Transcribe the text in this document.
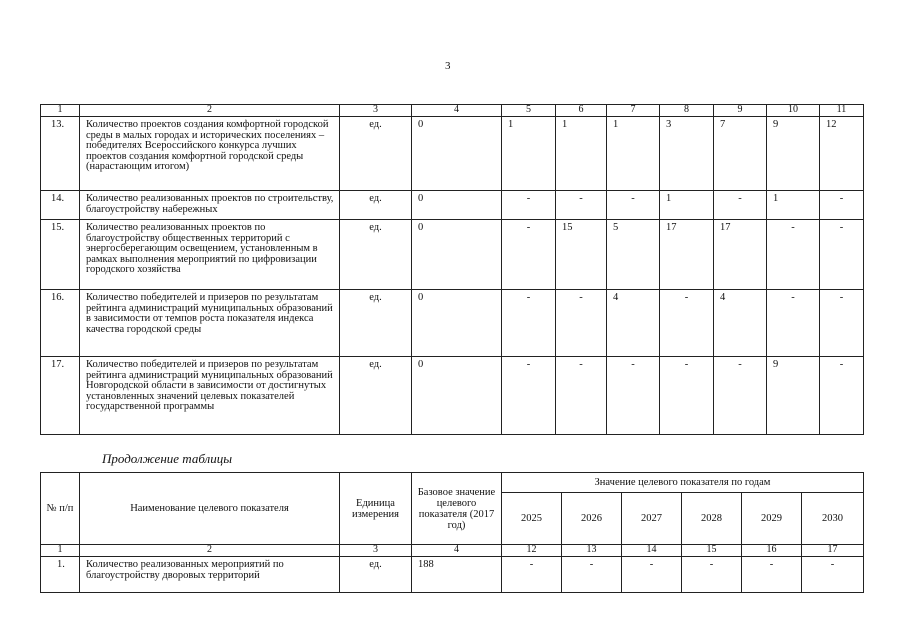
3
1	2	3	4	5	6	7	8	9	10	11
13.	Количество проектов создания комфортной городской среды в малых городах и исторических поселениях – победителях Всероссийского конкурса лучших проектов создания комфортной городской среды (нарастающим итогом)	ед.	0	1	1	1	3	7	9	12
14.	Количество реализованных проектов по строительству, благоустройству набережных	ед.	0	-	-	-	1	-	1	-
15.	Количество реализованных проектов по благоустройству общественных территорий с энергосберегающим освещением, установленным в рамках выполнения мероприятий по цифровизации городского хозяйства	ед.	0	-	15	5	17	17	-	-
16.	Количество победителей и призеров по результатам рейтинга администраций муниципальных образований в зависимости от темпов роста показателя индекса качества городской среды	ед.	0	-	-	4	-	4	-	-
17.	Количество победителей и призеров по результатам рейтинга администраций муниципальных образований Новгородской области в зависимости от достигнутых установленных значений целевых показателей государственной программы	ед.	0	-	-	-	-	-	9	-
Продолжение таблицы
№ п/п	Наименование целевого показателя	Единица измерения	Базовое значение целевого показателя (2017 год)	Значение целевого показателя по годам					
				2025	2026	2027	2028	2029	2030
1	2	3	4	12	13	14	15	16	17
1.	Количество реализованных мероприятий по благоустройству дворовых территорий	ед.	188	-	-	-	-	-	-
